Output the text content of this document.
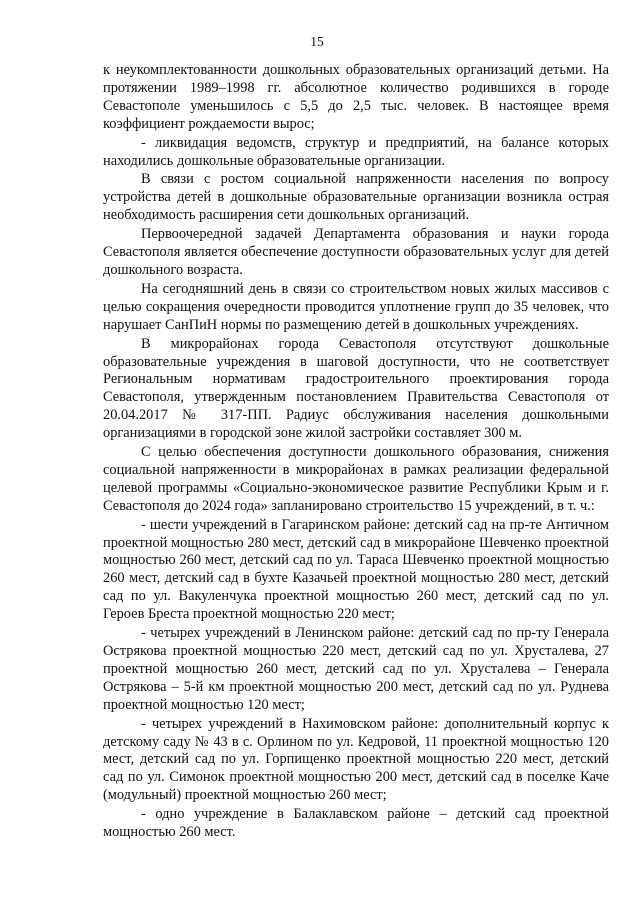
15

к неукомплектованности дошкольных образовательных организаций детьми. На протяжении 1989–1998 гг. абсолютное количество родившихся в городе Севастополе уменьшилось с 5,5 до 2,5 тыс. человек. В настоящее время коэффициент рождаемости вырос;

- ликвидация ведомств, структур и предприятий, на балансе которых находились дошкольные образовательные организации.

В связи с ростом социальной напряженности населения по вопросу устройства детей в дошкольные образовательные организации возникла острая необходимость расширения сети дошкольных организаций.

Первоочередной задачей Департамента образования и науки города Севастополя является обеспечение доступности образовательных услуг для детей дошкольного возраста.

На сегодняшний день в связи со строительством новых жилых массивов с целью сокращения очередности проводится уплотнение групп до 35 человек, что нарушает СанПиН нормы по размещению детей в дошкольных учреждениях.

В микрорайонах города Севастополя отсутствуют дошкольные образовательные учреждения в шаговой доступности, что не соответствует Региональным нормативам градостроительного проектирования города Севастополя, утвержденным постановлением Правительства Севастополя от 20.04.2017 № 317-ПП. Радиус обслуживания населения дошкольными организациями в городской зоне жилой застройки составляет 300 м.

С целью обеспечения доступности дошкольного образования, снижения социальной напряженности в микрорайонах в рамках реализации федеральной целевой программы «Социально-экономическое развитие Республики Крым и г. Севастополя до 2024 года» запланировано строительство 15 учреждений, в т. ч.:

- шести учреждений в Гагаринском районе: детский сад на пр-те Античном проектной мощностью 280 мест, детский сад в микрорайоне Шевченко проектной мощностью 260 мест, детский сад по ул. Тараса Шевченко проектной мощностью 260 мест, детский сад в бухте Казачьей проектной мощностью 280 мест, детский сад по ул. Вакуленчука проектной мощностью 260 мест, детский сад по ул. Героев Бреста проектной мощностью 220 мест;

- четырех учреждений в Ленинском районе: детский сад по пр-ту Генерала Острякова проектной мощностью 220 мест, детский сад по ул. Хрусталева, 27 проектной мощностью 260 мест, детский сад по ул. Хрусталева – Генерала Острякова – 5-й км проектной мощностью 200 мест, детский сад по ул. Руднева проектной мощностью 120 мест;

- четырех учреждений в Нахимовском районе: дополнительный корпус к детскому саду № 43 в с. Орлином по ул. Кедровой, 11 проектной мощностью 120 мест, детский сад по ул. Горпищенко проектной мощностью 220 мест, детский сад по ул. Симонок проектной мощностью 200 мест, детский сад в поселке Каче (модульный) проектной мощностью 260 мест;

- одно учреждение в Балаклавском районе – детский сад проектной мощностью 260 мест.
